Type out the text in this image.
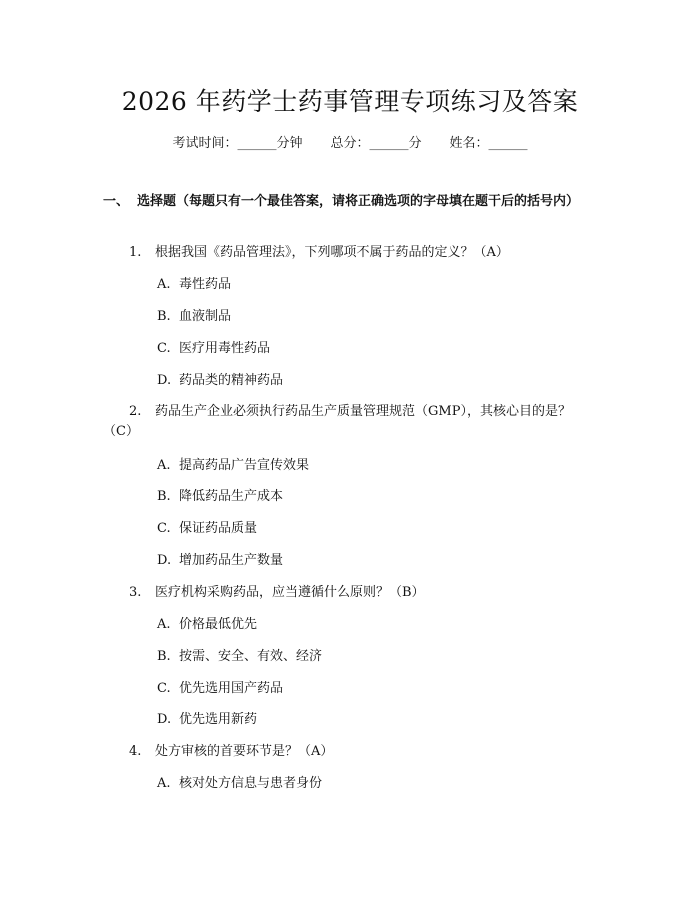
2026 年药学士药事管理专项练习及答案
考试时间：______分钟 总分：______分 姓名：______
一、 选择题（每题只有一个最佳答案，请将正确选项的字母填在题干后的括号内）
1. 根据我国《药品管理法》，下列哪项不属于药品的定义？（A）
A. 毒性药品
B. 血液制品
C. 医疗用毒性药品
D. 药品类的精神药品
2. 药品生产企业必须执行药品生产质量管理规范（GMP），其核心目的是？（C）
A. 提高药品广告宣传效果
B. 降低药品生产成本
C. 保证药品质量
D. 增加药品生产数量
3. 医疗机构采购药品，应当遵循什么原则？（B）
A. 价格最低优先
B. 按需、安全、有效、经济
C. 优先选用国产药品
D. 优先选用新药
4. 处方审核的首要环节是？（A）
A. 核对处方信息与患者身份
